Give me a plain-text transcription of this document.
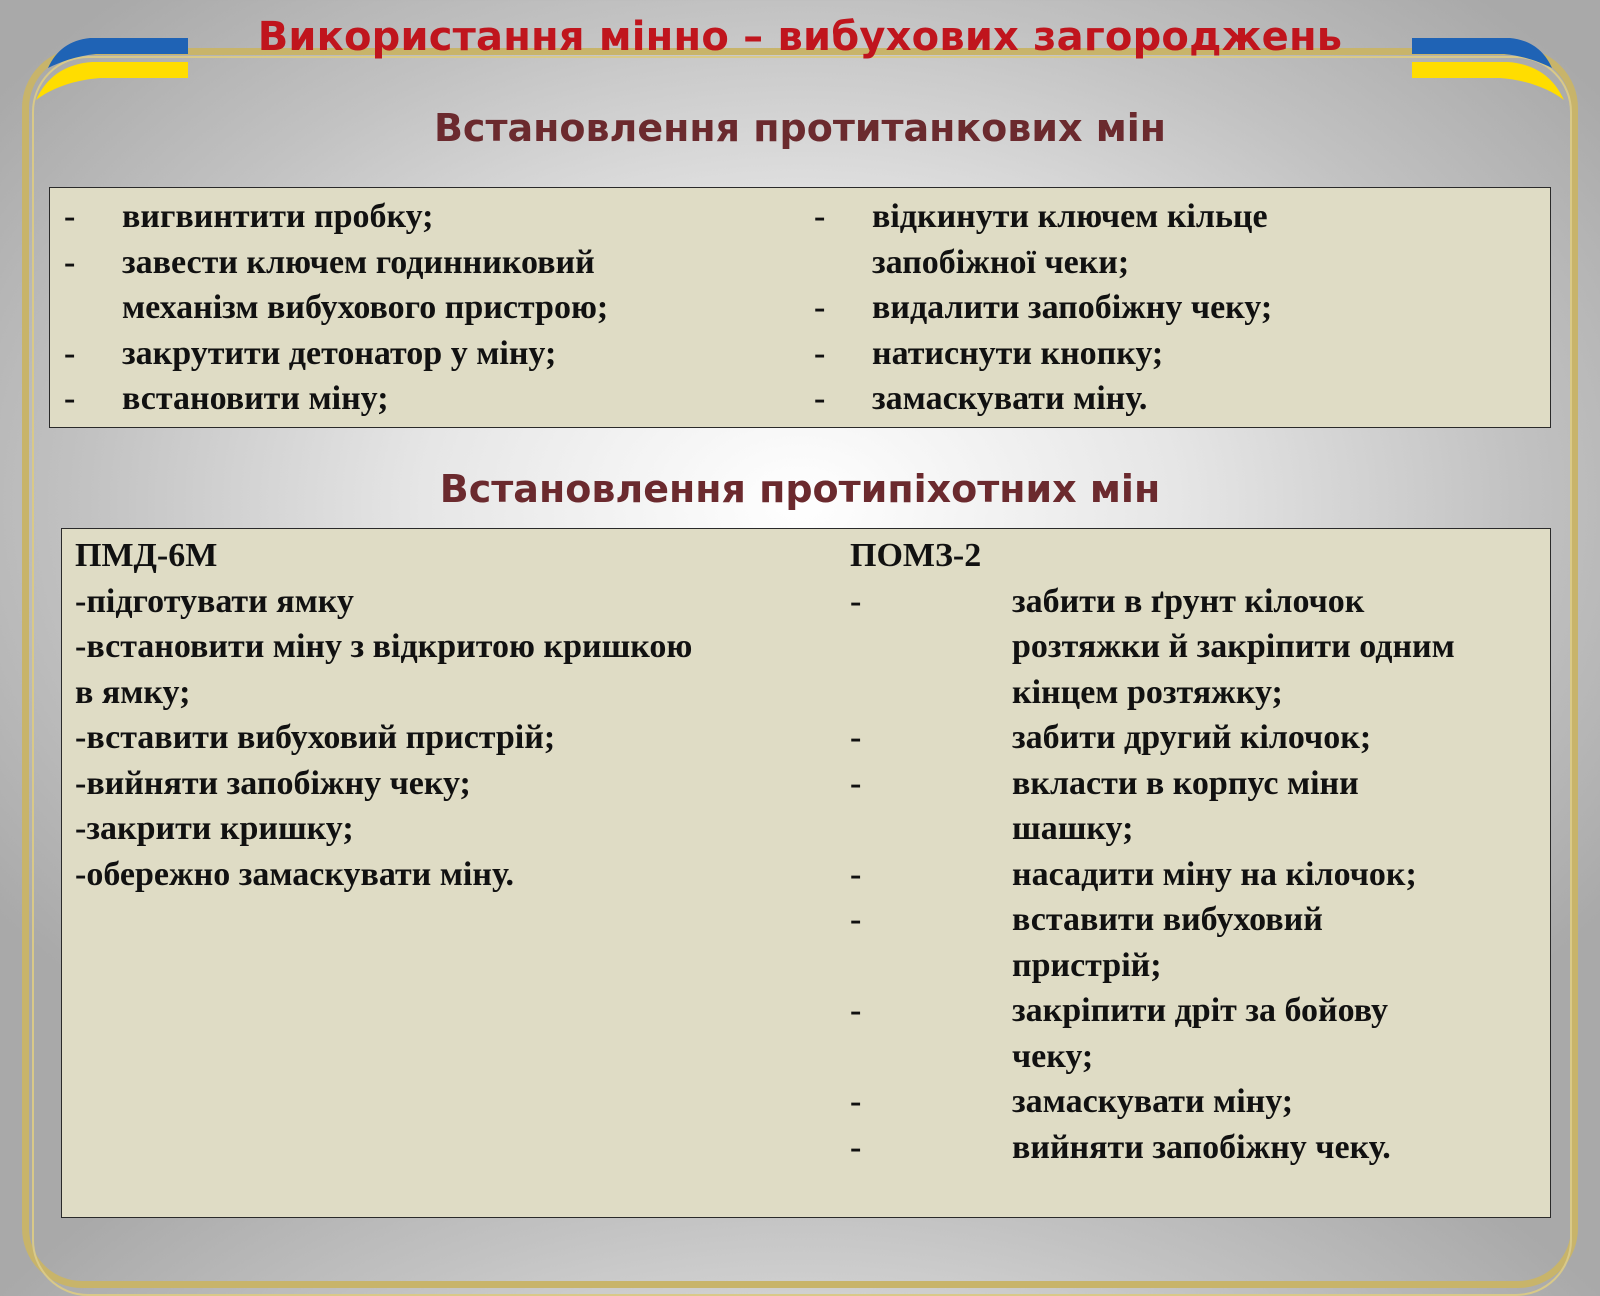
Використання мінно – вибухових загороджень
Встановлення протитанкових мін
- вигвинтити пробку;
- завести ключем годинниковий
механізм вибухового пристрою;
- закрутити детонатор у міну;
- встановити міну;
- відкинути ключем кільце
запобіжної чеки;
- видалити запобіжну чеку;
- натиснути кнопку;
- замаскувати міну.
Встановлення протипіхотних мін
ПМД-6М
-підготувати ямку
-встановити міну з відкритою кришкою
в ямку;
-вставити вибуховий пристрій;
-вийняти запобіжну чеку;
-закрити кришку;
-обережно замаскувати міну.
ПОМЗ-2
-	забити в ґрунт кілочок
розтяжки й закріпити одним
кінцем розтяжку;
-	забити другий кілочок;
-	вкласти в корпус міни
шашку;
-	насадити міну на кілочок;
-	вставити вибуховий
пристрій;
-	закріпити дріт за бойову
чеку;
-	замаскувати міну;
-	вийняти запобіжну чеку.
